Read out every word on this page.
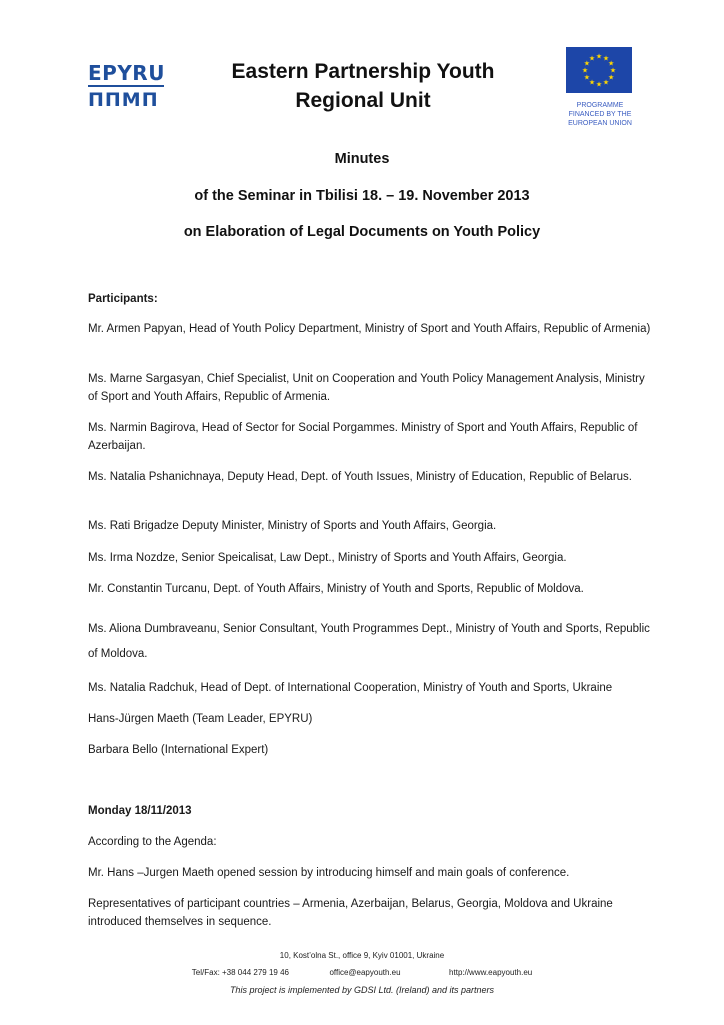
EPYRU
ППМП
Eastern Partnership Youth
Regional Unit
★ ★
★
★
★
★
★
★
★
★
★
★
PROGRAMME
FINANCED BY THE
EUROPEAN UNION
Minutes
of the Seminar in Tbilisi 18. – 19. November 2013
on Elaboration of Legal Documents on Youth Policy
Participants:
Mr. Armen Papyan, Head of Youth Policy Department, Ministry of Sport and Youth Affairs, Republic of Armenia)
Ms. Marne Sargasyan, Chief Specialist, Unit on Cooperation and Youth Policy Management Analysis, Ministry of Sport and Youth Affairs, Republic of Armenia.
Ms. Narmin Bagirova, Head of Sector for Social Porgammes. Ministry of Sport and Youth Affairs, Republic of Azerbaijan.
Ms. Natalia Pshanichnaya, Deputy Head, Dept. of Youth Issues, Ministry of Education, Republic of Belarus.
Ms. Rati Brigadze Deputy Minister, Ministry of Sports and Youth Affairs, Georgia.
Ms. Irma Nozdze, Senior Speicalisat, Law Dept., Ministry of Sports and Youth Affairs, Georgia.
Mr. Constantin Turcanu, Dept. of Youth Affairs, Ministry of Youth and Sports, Republic of Moldova.
Ms. Aliona Dumbraveanu, Senior Consultant, Youth Programmes Dept., Ministry of Youth and Sports, Republic of Moldova.
Ms. Natalia Radchuk, Head of Dept. of International Cooperation, Ministry of Youth and Sports, Ukraine
Hans-Jürgen Maeth (Team Leader, EPYRU)
Barbara Bello (International Expert)
Monday 18/11/2013
According to the Agenda:
Mr. Hans –Jurgen Maeth opened session by introducing himself and main goals of conference.
Representatives of participant countries – Armenia, Azerbaijan, Belarus, Georgia, Moldova and Ukraine introduced themselves in sequence.
10, Kost’olna St., office 9, Kyiv 01001, Ukraine
Tel/Fax: +38 044 279 19 46	office@eapyouth.eu	http://www.eapyouth.eu
This project is implemented by GDSI Ltd. (Ireland) and its partners
